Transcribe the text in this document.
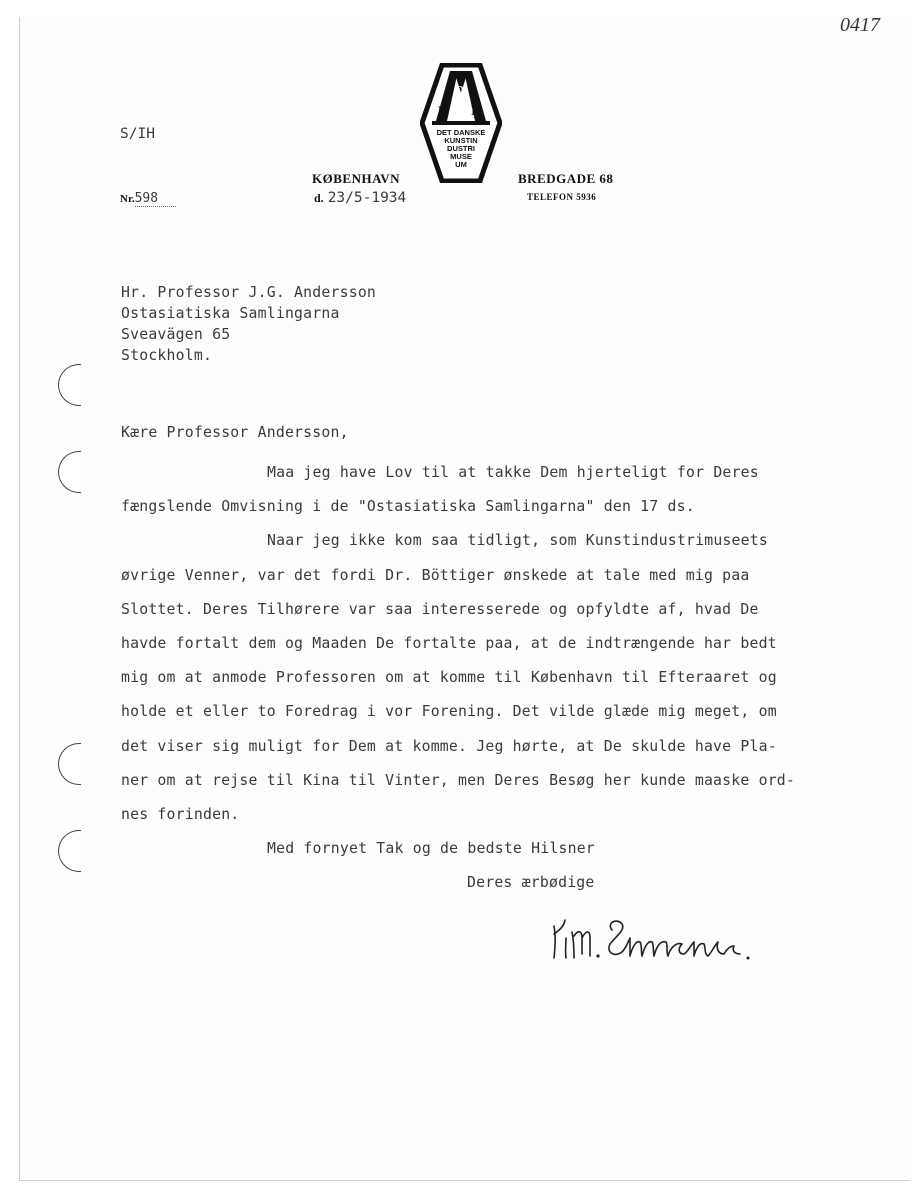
0417
S/IH
D
K I
DET DANSKE
KUNSTIN
DUSTRI
MUSE
UM
KØBENHAVN	BREDGADE 68
TELEFON 5936
Nr.598	d. 23/5-1934
Hr. Professor J.G. Andersson
Ostasiatiska Samlingarna
Sveavägen 65
Stockholm.
Kære Professor Andersson,
Maa jeg have Lov til at takke Dem hjerteligt for Deres
fængslende Omvisning i de "Ostasiatiska Samlingarna" den 17 ds.
Naar jeg ikke kom saa tidligt, som Kunstindustrimuseets
øvrige Venner, var det fordi Dr. Böttiger ønskede at tale med mig paa
Slottet. Deres Tilhørere var saa interesserede og opfyldte af, hvad De
havde fortalt dem og Maaden De fortalte paa, at de indtrængende har bedt
mig om at anmode Professoren om at komme til København til Efteraaret og
holde et eller to Foredrag i vor Forening. Det vilde glæde mig meget, om
det viser sig muligt for Dem at komme. Jeg hørte, at De skulde have Pla-
ner om at rejse til Kina til Vinter, men Deres Besøg her kunde maaske ord-
nes forinden.
Med fornyet Tak og de bedste Hilsner
Deres ærbødige
